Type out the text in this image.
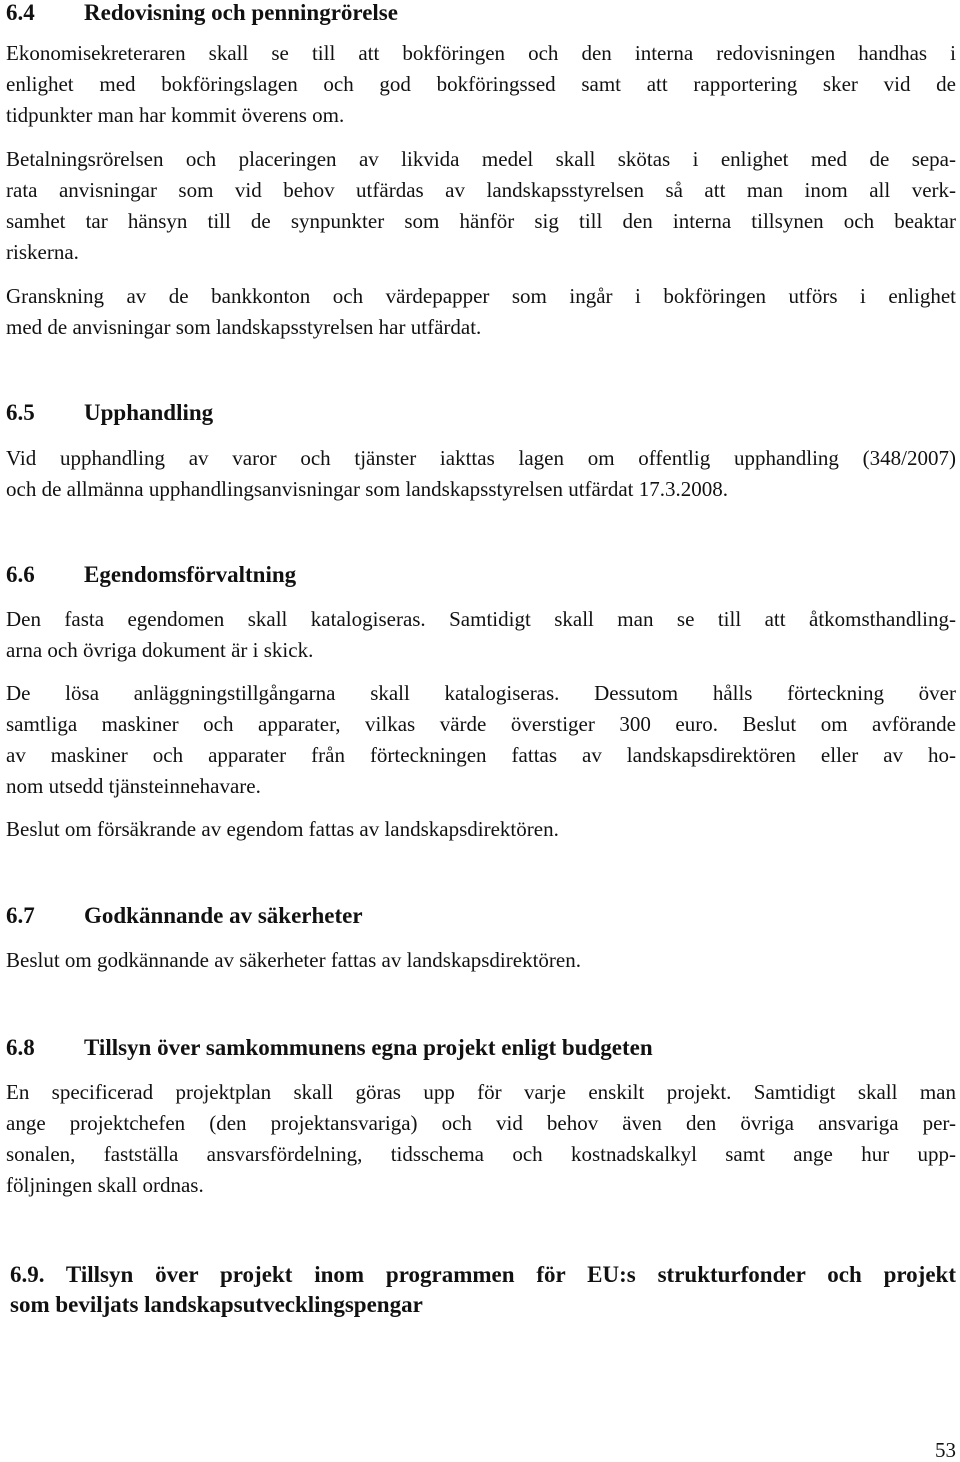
6.4 Redovisning och penningrörelse
Ekonomisekreteraren skall se till att bokföringen och den interna redovisningen handhas i
enlighet med bokföringslagen och god bokföringssed samt att rapportering sker vid de
tidpunkter man har kommit överens om.
Betalningsrörelsen och placeringen av likvida medel skall skötas i enlighet med de sepa-
rata anvisningar som vid behov utfärdas av landskapsstyrelsen så att man inom all verk-
samhet tar hänsyn till de synpunkter som hänför sig till den interna tillsynen och beaktar
riskerna.
Granskning av de bankkonton och värdepapper som ingår i bokföringen utförs i enlighet
med de anvisningar som landskapsstyrelsen har utfärdat.
6.5 Upphandling
Vid upphandling av varor och tjänster iakttas lagen om offentlig upphandling (348/2007)
och de allmänna upphandlingsanvisningar som landskapsstyrelsen utfärdat 17.3.2008.
6.6 Egendomsförvaltning
Den fasta egendomen skall katalogiseras. Samtidigt skall man se till att åtkomsthandling-
arna och övriga dokument är i skick.
De lösa anläggningstillgångarna skall katalogiseras. Dessutom hålls förteckning över
samtliga maskiner och apparater, vilkas värde överstiger 300 euro. Beslut om avförande
av maskiner och apparater från förteckningen fattas av landskapsdirektören eller av ho-
nom utsedd tjänsteinnehavare.
Beslut om försäkrande av egendom fattas av landskapsdirektören.
6.7 Godkännande av säkerheter
Beslut om godkännande av säkerheter fattas av landskapsdirektören.
6.8 Tillsyn över samkommunens egna projekt enligt budgeten
En specificerad projektplan skall göras upp för varje enskilt projekt. Samtidigt skall man
ange projektchefen (den projektansvariga) och vid behov även den övriga ansvariga per-
sonalen, fastställa ansvarsfördelning, tidsschema och kostnadskalkyl samt ange hur upp-
följningen skall ordnas.
6.9. Tillsyn över projekt inom programmen för EU:s strukturfonder och projekt
som beviljats landskapsutvecklingspengar
53
